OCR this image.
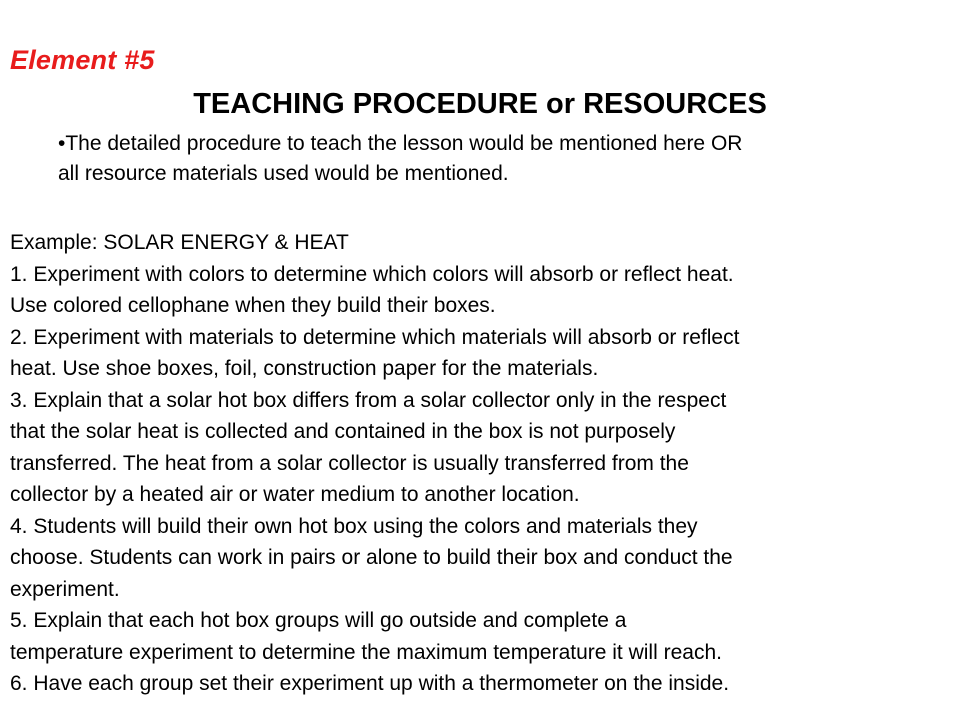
Element #5
TEACHING PROCEDURE or RESOURCES
•The detailed procedure to teach the lesson would be mentioned here OR
all resource materials used would be mentioned.
Example: SOLAR ENERGY & HEAT
1. Experiment with colors to determine which colors will absorb or reflect heat.
Use colored cellophane when they build their boxes.
2. Experiment with materials to determine which materials will absorb or reflect
heat. Use shoe boxes, foil, construction paper for the materials.
3. Explain that a solar hot box differs from a solar collector only in the respect
that the solar heat is collected and contained in the box is not purposely
transferred. The heat from a solar collector is usually transferred from the
collector by a heated air or water medium to another location.
4. Students will build their own hot box using the colors and materials they
choose. Students can work in pairs or alone to build their box and conduct the
experiment.
5. Explain that each hot box groups will go outside and complete a
temperature experiment to determine the maximum temperature it will reach.
6. Have each group set their experiment up with a thermometer on the inside.
